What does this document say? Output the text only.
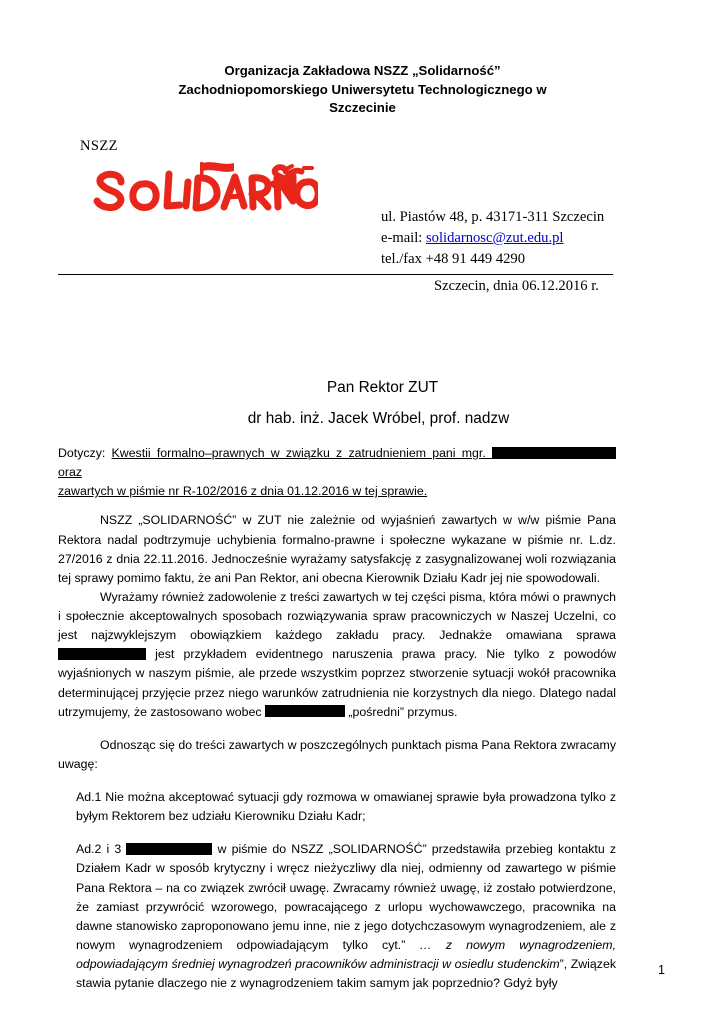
Organizacja Zakładowa NSZZ „Solidarność”
Zachodniopomorskiego Uniwersytetu Technologicznego w
Szczecinie
NSZZ
ul. Piastów 48, p. 43171-311 Szczecin
e-mail: solidarnosc@zut.edu.pl
tel./fax +48 91 449 4290
Szczecin, dnia 06.12.2016 r.
Pan Rektor ZUT
dr hab. inż. Jacek Wróbel, prof. nadzw

Dotyczy: Kwestii formalno–prawnych w związku z zatrudnieniem pani mgr.  oraz

zawartych w piśmie nr R-102/2016 z dnia 01.12.2016 w tej sprawie.

NSZZ „SOLIDARNOŚĆ” w ZUT nie zależnie od wyjaśnień zawartych w w/w piśmie Pana Rektora nadal podtrzymuje uchybienia formalno-prawne i społeczne wykazane w piśmie nr. L.dz. 27/2016 z dnia 22.11.2016. Jednocześnie wyrażamy satysfakcję z zasygnalizowanej woli rozwiązania tej sprawy pomimo faktu, że ani Pan Rektor, ani obecna Kierownik Działu Kadr jej nie spowodowali.

Wyrażamy również zadowolenie z treści zawartych w tej części pisma, która mówi o prawnych i społecznie akceptowalnych sposobach rozwiązywania spraw pracowniczych w Naszej Uczelni, co jest najzwyklejszym obowiązkiem każdego zakładu pracy. Jednakże omawiana sprawa  jest przykładem evidentnego naruszenia prawa pracy. Nie tylko z powodów wyjaśnionych w naszym piśmie, ale przede wszystkim poprzez stworzenie sytuacji wokół pracownika determinującej przyjęcie przez niego warunków zatrudnienia nie korzystnych dla niego. Dlatego nadal utrzymujemy, że zastosowano wobec	„pośredni” przymus.

Odnosząc się do treści zawartych w poszczególnych punktach pisma Pana Rektora zwracamy uwagę:

Ad.1 Nie można akceptować sytuacji gdy rozmowa w omawianej sprawie była prowadzona tylko z byłym Rektorem bez udziału Kierowniku Działu Kadr;

Ad.2 i 3	w piśmie do NSZZ „SOLIDARNOŚĆ” przedstawiła przebieg kontaktu z Działem Kadr w sposób krytyczny i wręcz nieżyczliwy dla niej, odmienny od zawartego w piśmie Pana Rektora – na co związek zwrócił uwagę. Zwracamy również uwagę, iż zostało potwierdzone, że zamiast przywrócić wzorowego, powracającego z urlopu wychowawczego, pracownika na dawne stanowisko zaproponowano jemu inne, nie z jego dotychczasowym wynagrodzeniem, ale z nowym wynagrodzeniem odpowiadającym tylko cyt.” … z nowym wynagrodzeniem, odpowiadającym średniej wynagrodzeń pracowników administracji w osiedlu studenckim”, Związek stawia pytanie dlaczego nie z wynagrodzeniem takim samym jak poprzednio? Gdyż były

1
